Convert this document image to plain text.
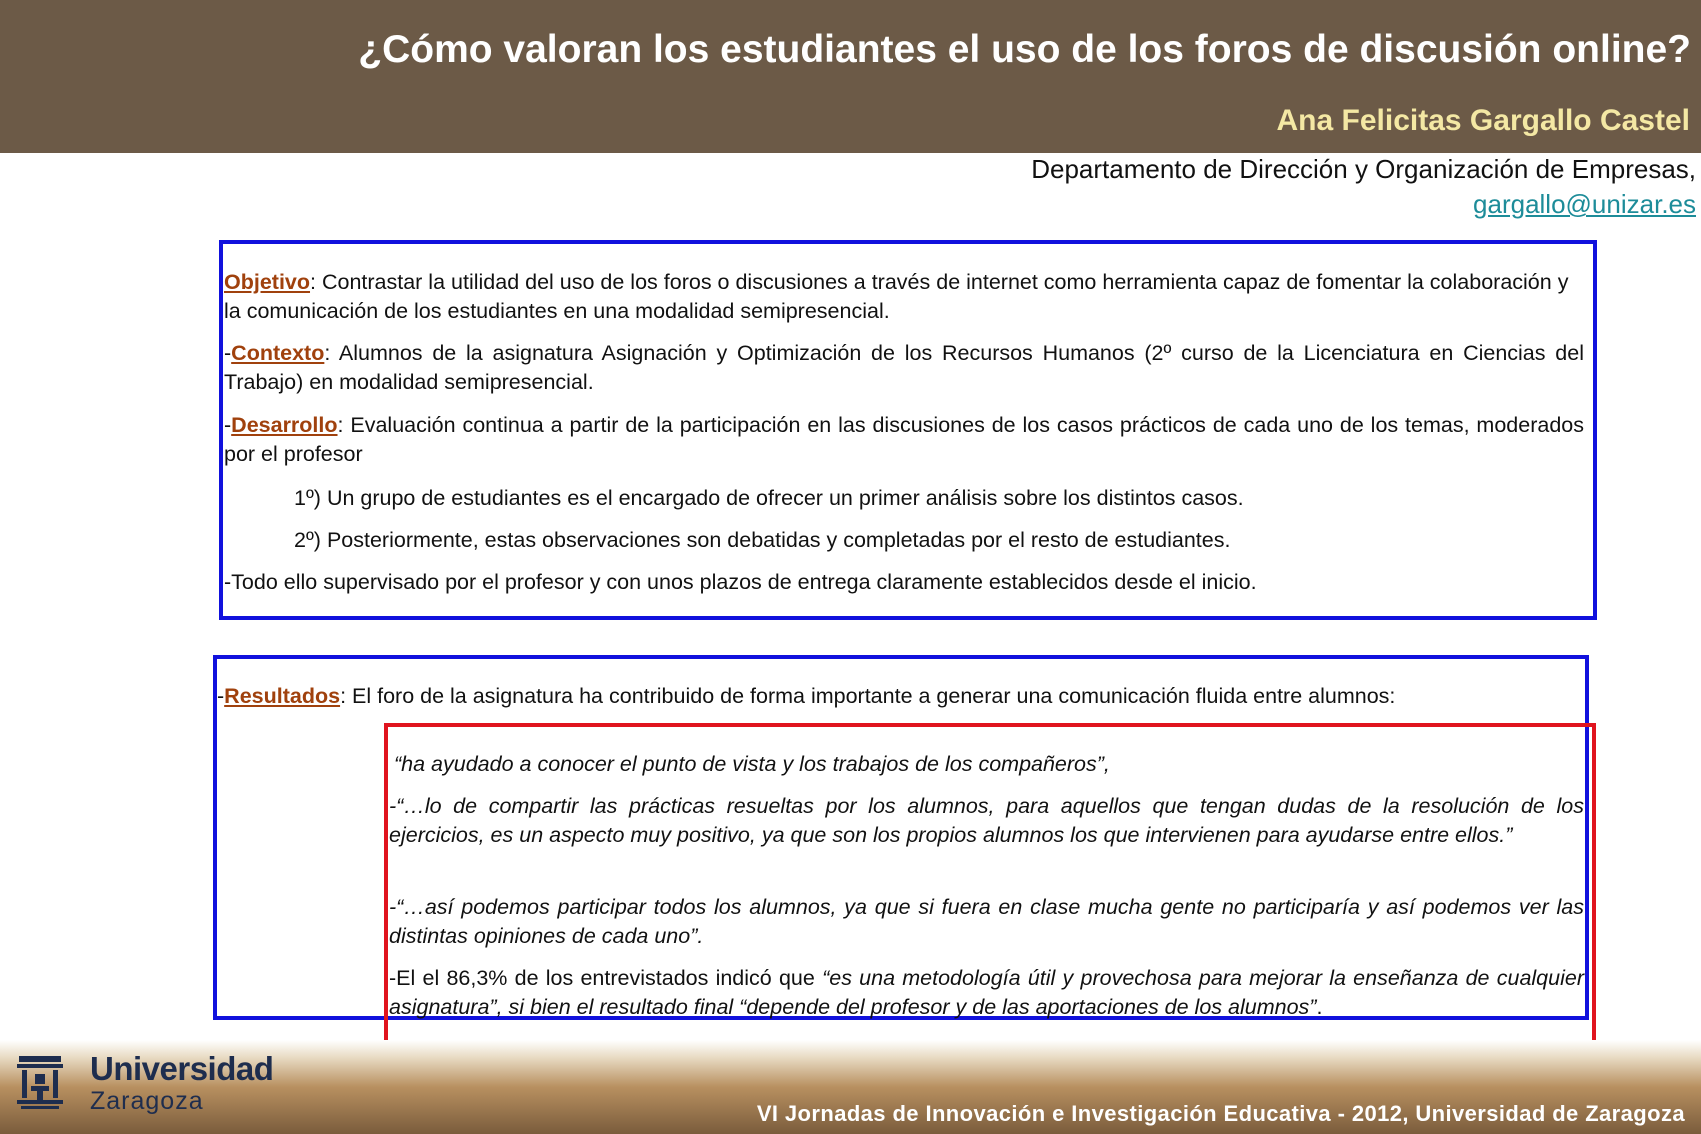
¿Cómo valoran los estudiantes el uso de los foros de discusión online?
Ana Felicitas Gargallo Castel
Departamento de Dirección y Organización de Empresas,
gargallo@unizar.es

Objetivo: Contrastar la utilidad del uso de los foros o discusiones a través de internet como herramienta capaz de fomentar la colaboración y la comunicación de los estudiantes en una modalidad semipresencial.

-Contexto: Alumnos de la asignatura Asignación y Optimización de los Recursos Humanos (2º curso de la Licenciatura en Ciencias del Trabajo) en modalidad semipresencial.

-Desarrollo: Evaluación continua a partir de la participación en las discusiones de los casos prácticos de cada uno de los temas, moderados por el profesor

1º) Un grupo de estudiantes es el encargado de ofrecer un primer análisis sobre los distintos casos.

2º) Posteriormente, estas observaciones son debatidas y completadas por el resto de estudiantes.

-Todo ello supervisado por el profesor y con unos plazos de entrega claramente establecidos desde el inicio.

-Resultados: El foro de la asignatura ha contribuido de forma importante a generar una comunicación fluida entre alumnos:

“ha ayudado a conocer el punto de vista y los trabajos de los compañeros”,

-“…lo de compartir las prácticas resueltas por los alumnos, para aquellos que tengan dudas de la resolución de los ejercicios, es un aspecto muy positivo, ya que son los propios alumnos los que intervienen para ayudarse entre ellos.”

-“…así podemos participar todos los alumnos, ya que si fuera en clase mucha gente no participaría y así podemos ver las distintas opiniones de cada uno”.

-El el 86,3% de los entrevistados indicó que “es una metodología útil y provechosa para mejorar la enseñanza de cualquier asignatura”, si bien el resultado final “depende del profesor y de las aportaciones de los alumnos”.

Universidad
Zaragoza	VI Jornadas de Innovación e Investigación Educativa - 2012, Universidad de Zaragoza
